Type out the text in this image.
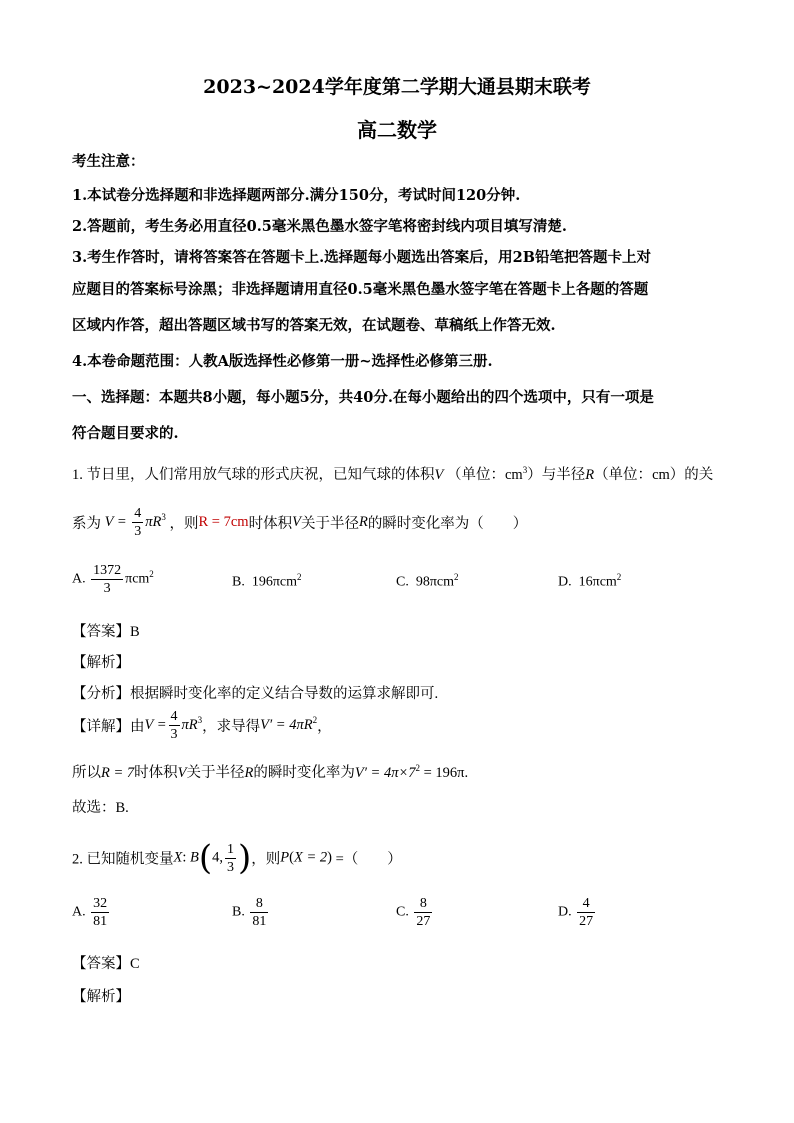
2023~2024学年度第二学期大通县期末联考
高二数学
考生注意：
1.本试卷分选择题和非选择题两部分.满分150分，考试时间120分钟.
2.答题前，考生务必用直径0.5毫米黑色墨水签字笔将密封线内项目填写清楚.
3.考生作答时，请将答案答在答题卡上.选择题每小题选出答案后，用2B铅笔把答题卡上对
应题目的答案标号涂黑；非选择题请用直径0.5毫米黑色墨水签字笔在答题卡上各题的答题
区域内作答，超出答题区域书写的答案无效，在试题卷、草稿纸上作答无效.
4.本卷命题范围：人教A版选择性必修第一册~选择性必修第三册.
一、选择题：本题共8小题，每小题5分，共40分.在每小题给出的四个选项中，只有一项是
符合题目要求的.
1. 节日里，人们常用放气球的形式庆祝，已知气球的体积V （单位：$cm^3$）与半径R（单位：cm）的关
系为 $V = \frac{4}{3} \pi R^3$ ，则R = 7cm时体积V关于半径R的瞬时变化率为（　　）
A. $\frac{1372}{3} \pi cm^2$
B. 196πcm$^2$	C. 98πcm$^2$	D. 16πcm$^2$
【答案】B
【解析】
【分析】根据瞬时变化率的定义结合导数的运算求解即可.
【详解】由$V = \frac{4}{3} \pi R^3$，求导得$V' = 4\pi R^2$，
所以R = 7时体积V关于半径R的瞬时变化率为$V' = 4\pi\times 7^2 = 196\pi$.
故选：B.
2. 已知随机变量X: B(4, $\frac{1}{3}$ )，则P(X = 2) =（　　）
A. $\frac{32}{81}$	B. $\frac{8}{81}$	C. $\frac{8}{27}$	D. $\frac{4}{27}$
【答案】C
【解析】
